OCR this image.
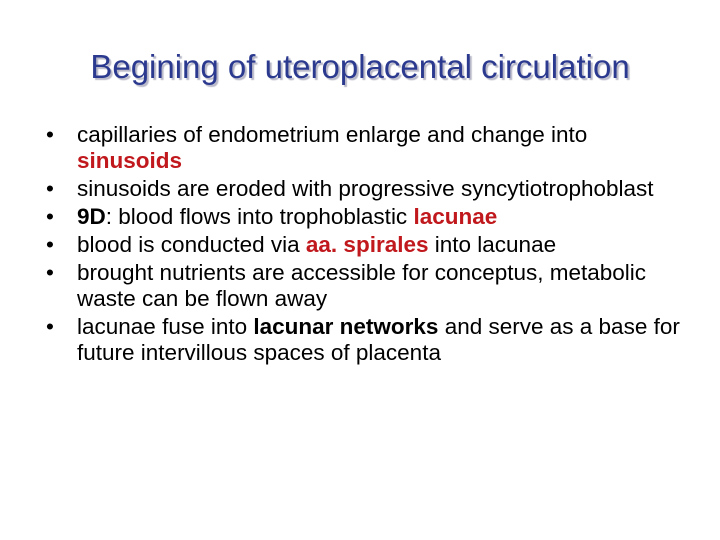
Begining of uteroplacental circulation
• capillaries of endometrium enlarge and change into sinusoids
• sinusoids are eroded with progressive syncytiotrophoblast
• 9D: blood flows into trophoblastic lacunae
• blood is conducted via aa. spirales into lacunae
• brought nutrients are accessible for conceptus, metabolic waste can be flown away
• lacunae fuse into lacunar networks and serve as a base for future intervillous spaces of placenta
